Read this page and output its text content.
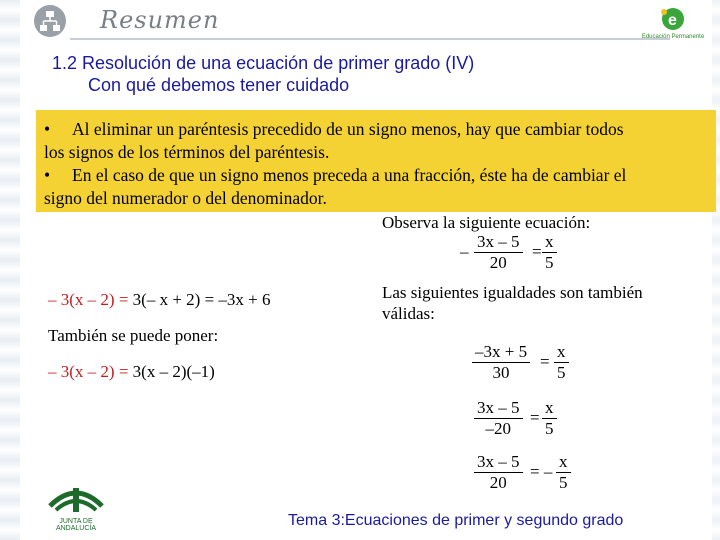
Resumen	e
Educación Permanente
1.2 Resolución de una ecuación de primer grado (IV)
Con qué debemos tener cuidado
• Al eliminar un paréntesis precedido de un signo menos, hay que cambiar todos
los signos de los términos del paréntesis.
• En el caso de que un signo menos preceda a una fracción, éste ha de cambiar el
signo del numerador o del denominador.
– 3(x – 2) = 3(– x + 2) = –3x + 6
También se puede poner:
– 3(x – 2) = 3(x – 2)(–1)
Observa la siguiente ecuación:
–
3x – 5
20
=
x
5
Las siguientes igualdades son también
válidas:
–3x + 5
30
=
x
5
3x – 5
–20
=
x
5
3x – 5
20
= –
x
5
JUNTA DE ANDALUCÍA	Tema 3:Ecuaciones de primer y segundo grado
